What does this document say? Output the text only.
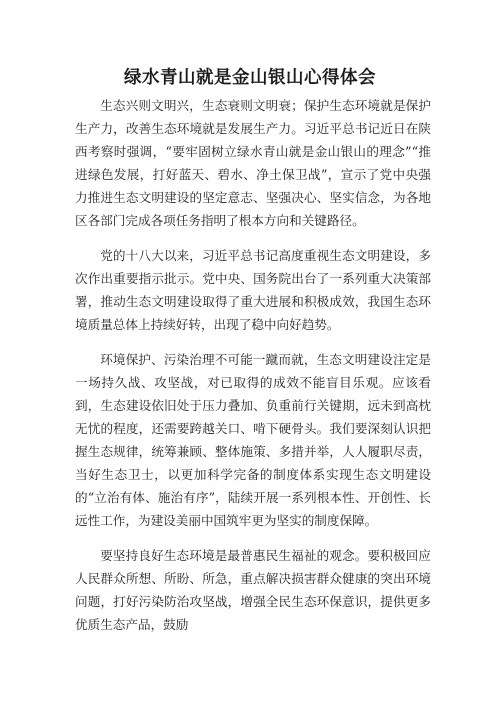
绿水青山就是金山银山心得体会

生态兴则文明兴，生态衰则文明衰；保护生态环境就是保护生产力，改善生态环境就是发展生产力。习近平总书记近日在陕西考察时强调，“要牢固树立绿水青山就是金山银山的理念”“推进绿色发展，打好蓝天、碧水、净土保卫战”，宣示了党中央强力推进生态文明建设的坚定意志、坚强决心、坚实信念，为各地区各部门完成各项任务指明了根本方向和关键路径。

党的十八大以来，习近平总书记高度重视生态文明建设，多次作出重要指示批示。党中央、国务院出台了一系列重大决策部署，推动生态文明建设取得了重大进展和积极成效，我国生态环境质量总体上持续好转，出现了稳中向好趋势。

环境保护、污染治理不可能一蹴而就，生态文明建设注定是一场持久战、攻坚战，对已取得的成效不能盲目乐观。应该看到，生态建设依旧处于压力叠加、负重前行关键期，远未到高枕无忧的程度，还需要跨越关口、啃下硬骨头。我们要深刻认识把握生态规律，统筹兼顾、整体施策、多措并举，人人履职尽责，当好生态卫士，以更加科学完备的制度体系实现生态文明建设的“立治有体、施治有序”，陆续开展一系列根本性、开创性、长远性工作，为建设美丽中国筑牢更为坚实的制度保障。

要坚持良好生态环境是最普惠民生福祉的观念。要积极回应人民群众所想、所盼、所急，重点解决损害群众健康的突出环境问题，打好污染防治攻坚战，增强全民生态环保意识，提供更多优质生态产品，鼓励
